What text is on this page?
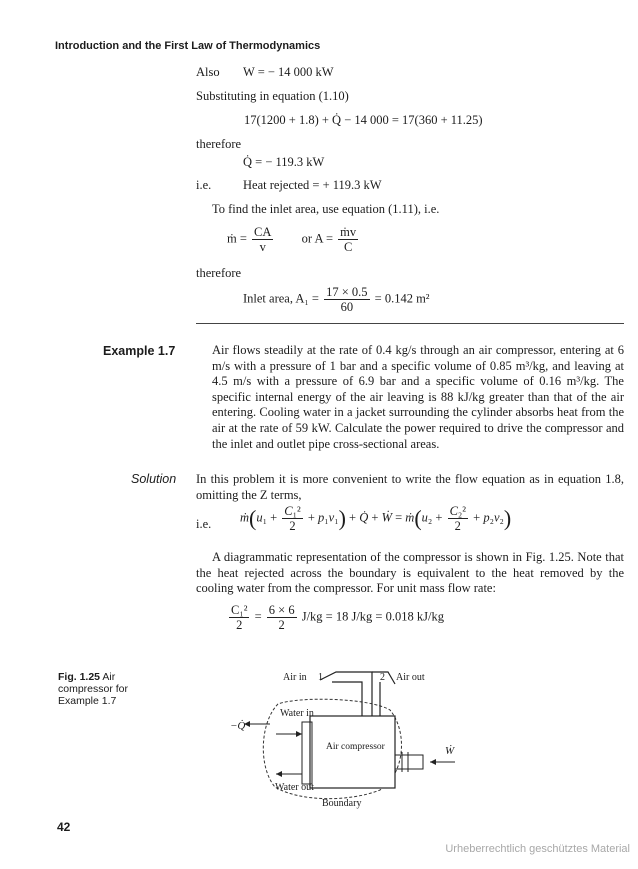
Introduction and the First Law of Thermodynamics
Also W = − 14 000 kW
Substituting in equation (1.10)
17(1200 + 1.8) + Q̇ − 14 000 = 17(360 + 11.25)
therefore
Q̇ = − 119.3 kW
i.e.	Heat rejected = + 119.3 kW
To find the inlet area, use equation (1.11), i.e.
ṁ = $\frac{CA}{v}$ or $A = \frac{\text{ṁv}}{C}$
therefore
Inlet area, $A_1 = \frac{17 \times 0.5}{60} = 0.142$ m²
Example 1.7	Air flows steadily at the rate of 0.4 kg/s through an air compressor, entering at 6 m/s with a pressure of 1 bar and a specific volume of 0.85 m³/kg, and leaving at 4.5 m/s with a pressure of 6.9 bar and a specific volume of 0.16 m³/kg. The specific internal energy of the air leaving is 88 kJ/kg greater than that of the air entering. Cooling water in a jacket surrounding the cylinder absorbs heat from the air at the rate of 59 kW. Calculate the power required to drive the compressor and the inlet and outlet pipe cross-sectional areas.
Solution In this problem it is more convenient to write the flow equation as in equation 1.8, omitting the Z terms,
i.e. ṁ(u₁ + $\frac{\text{C₁²}}{2} + p_1v_1$) + Q̇ + Ẇ = ṁ(u₂ + $\frac{\text{C₂²}}{2} + p_2v_2$)
A diagrammatic representation of the compressor is shown in Fig. 1.25. Note that the heat rejected across the boundary is equivalent to the heat removed by the cooling water from the compressor. For unit mass flow rate:
$\frac{\text{C₁²}}{2} = \frac{6 \times 6}{2} J/kg = 18$ J/kg = 0.018 kJ/kg
Fig. 1.25 Air compressor for Example 1.7
Air in 1	2 Air out
Water in
−Q̇
Air compressor
Water out
Ẇ
Boundary
42
Urheberrechtlich geschütztes Material
